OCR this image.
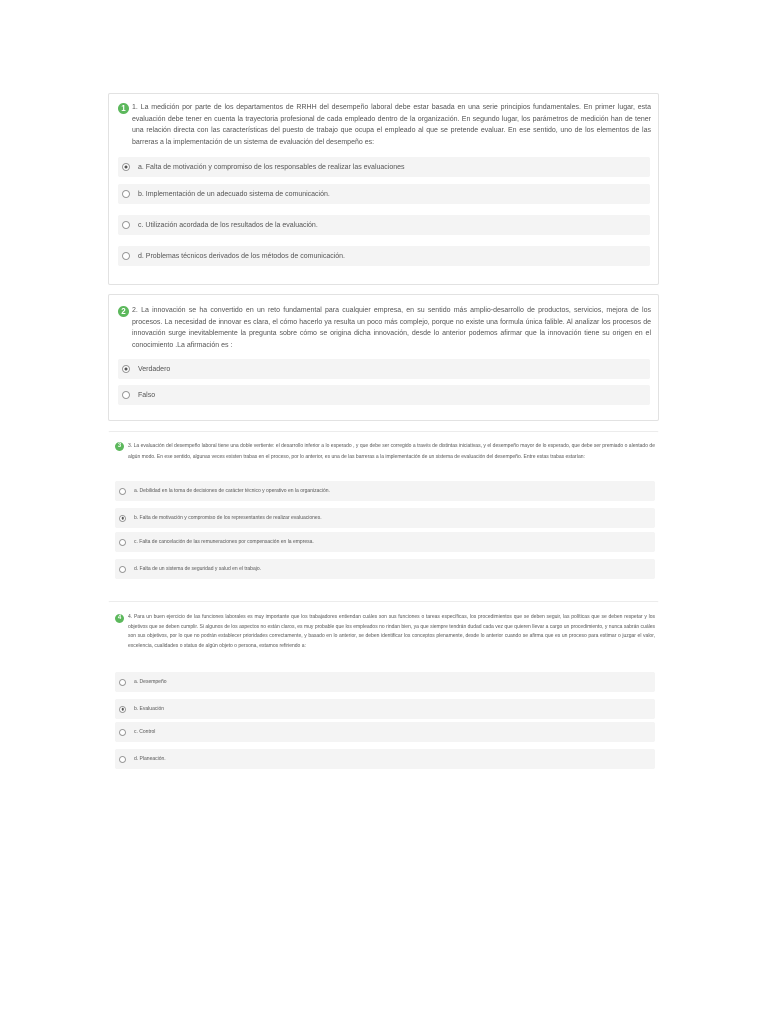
1 1. La medición por parte de los departamentos de RRHH del desempeño laboral debe estar basada en una serie principios fundamentales. En primer lugar, esta evaluación debe tener en cuenta la trayectoria profesional de cada empleado dentro de la organización. En segundo lugar, los parámetros de medición han de tener una relación directa con las características del puesto de trabajo que ocupa el empleado al que se pretende evaluar. En ese sentido, uno de los elementos de las barreras a la implementación de un sistema de evaluación del desempeño es:
a. Falta de motivación y compromiso de los responsables de realizar las evaluaciones
b. Implementación de un adecuado sistema de comunicación.
c. Utilización acordada de los resultados de la evaluación.
d. Problemas técnicos derivados de los métodos de comunicación.
2 2. La innovación se ha convertido en un reto fundamental para cualquier empresa, en su sentido más amplio-desarrollo de productos, servicios, mejora de los procesos. La necesidad de innovar es clara, el cómo hacerlo ya resulta un poco más complejo, porque no existe una formula única falible. Al analizar los procesos de innovación surge inevitablemente la pregunta sobre cómo se origina dicha innovación, desde lo anterior podemos afirmar que la innovación tiene su origen en el conocimiento .La afirmación es :
Verdadero
Falso
3	3. La evaluación del desempeño laboral tiene una doble vertiente: el desarrollo inferior a lo esperado , y que debe ser corregido a través de distintas iniciativas, y el desempeño mayor de lo esperado, que debe ser premiado o alentado de algún modo. En ese sentido, algunas veces existen trabas en el proceso, por lo anterior, es una de las barreras a la implementación de un sistema de evaluación del desempeño. Entre estas trabas estarían:
a. Debilidad en la toma de decisiones de carácter técnico y operativo en la organización.
b. Falta de motivación y compromiso de los representantes de realizar evaluaciones.
c. Falta de cancelación de las remuneraciones por compensación en la empresa.
d. Falta de un sistema de seguridad y salud en el trabajo.
4	4. Para un buen ejercicio de las funciones laborales es muy importante que los trabajadores entiendan cuáles son sus funciones o tareas específicas, los procedimientos que se deben seguir, las políticas que se deben respetar y los objetivos que se deben cumplir. Si algunos de los aspectos no están claros, es muy probable que los empleados no rindan bien, ya que siempre tendrán dudad cada vez que quieren llevar a cargo un procedimiento, y nunca sabrán cuáles son sus objetivos, por lo que no podrán establecer prioridades correctamente, y basado en lo anterior, se deben identificar los conceptos plenamente, desde lo anterior cuando se afirma que es un proceso para estimar o juzgar el valor, excelencia, cualidades o status de algún objeto o persona, estamos refiriendo a:
a. Desempeño
b. Evaluación
c. Control
d. Planeación.
